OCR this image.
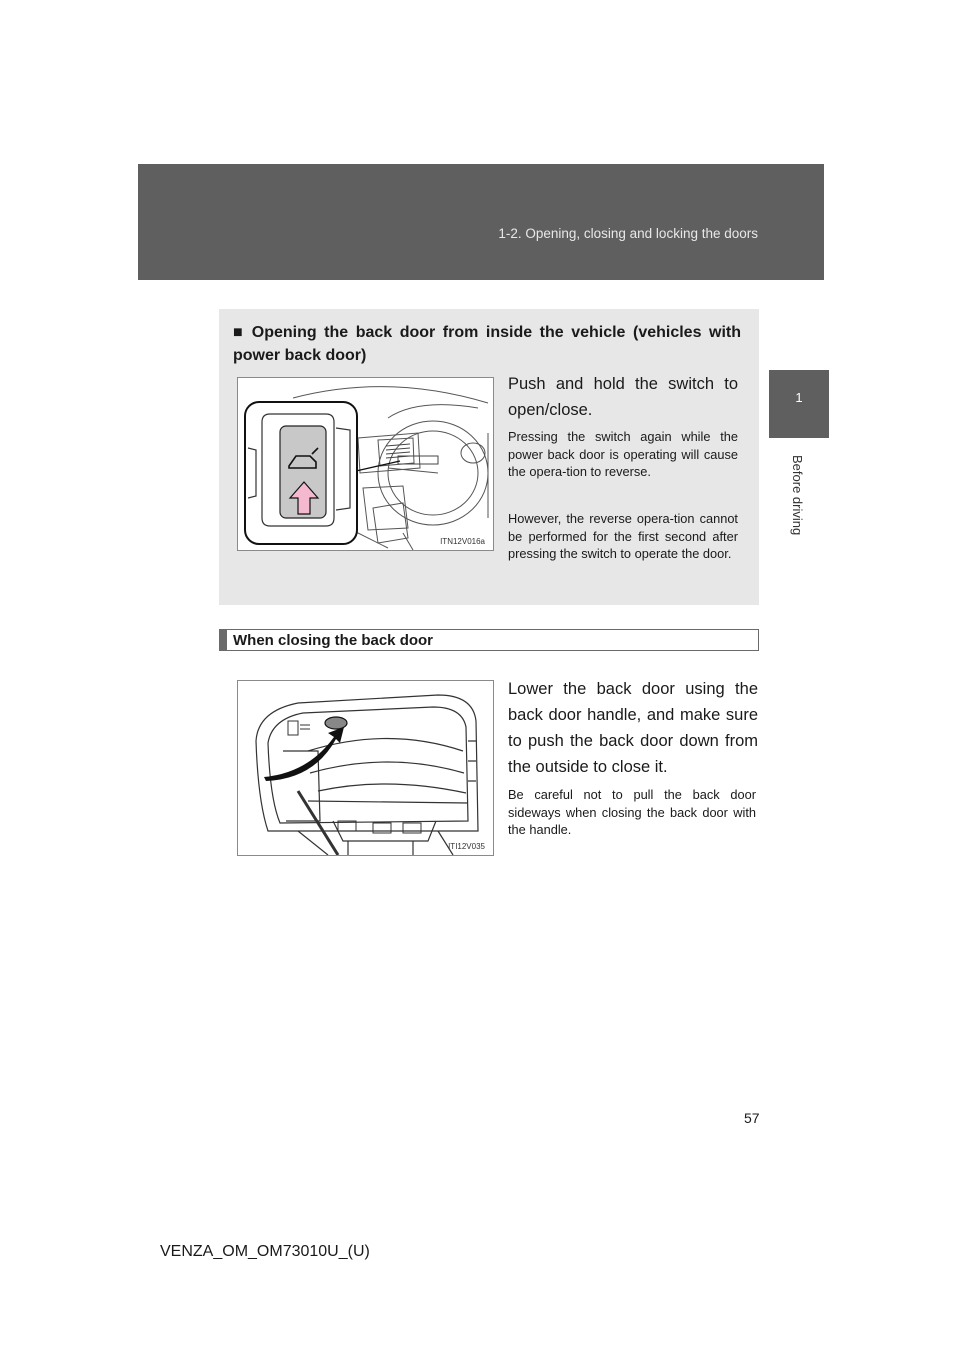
1-2. Opening, closing and locking the doors
1
Before driving
■ Opening the back door from inside the vehicle (vehicles with power back door)
ITN12V016a
Push and hold the switch to open/close.
Pressing the switch again while the power back door is operating will cause the opera-tion to reverse.
However, the reverse opera-tion cannot be performed for the first second after pressing the switch to operate the door.
When closing the back door
ITI12V035
Lower the back door using the back door handle, and make sure to push the back door down from the outside to close it.
Be careful not to pull the back door sideways when closing the back door with the handle.
57
VENZA_OM_OM73010U_(U)
